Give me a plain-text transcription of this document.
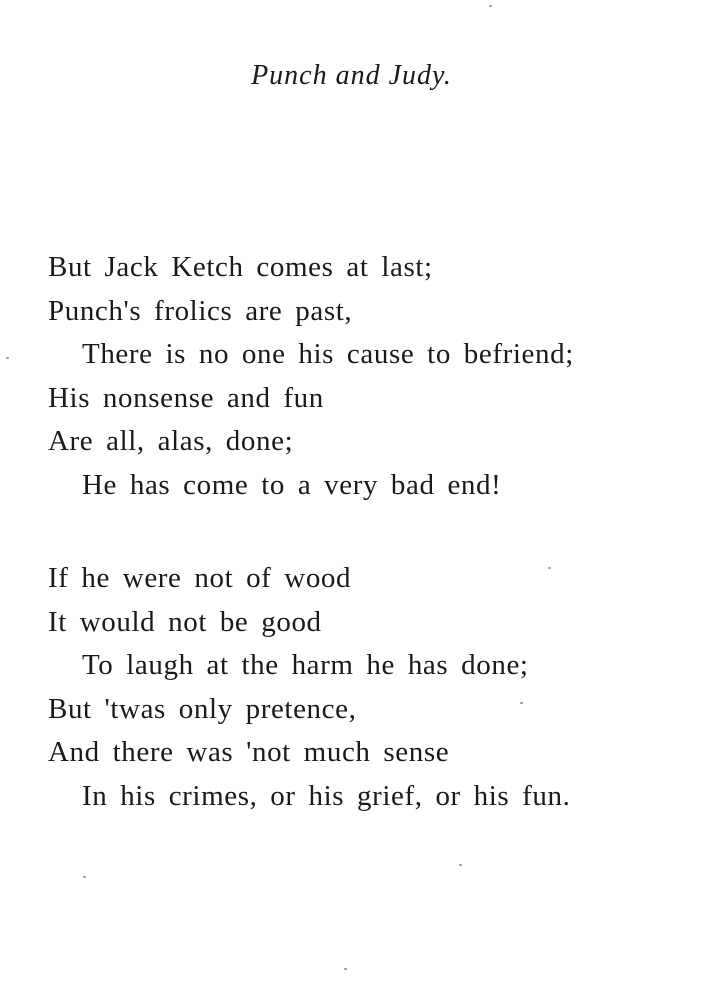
Punch and Judy.
But Jack Ketch comes at last;
Punch's frolics are past,
There is no one his cause to befriend;
His nonsense and fun
Are all, alas, done;
He has come to a very bad end!
If he were not of wood
It would not be good
To laugh at the harm he has done;
But 'twas only pretence,
And there was 'not much sense
In his crimes, or his grief, or his fun.
